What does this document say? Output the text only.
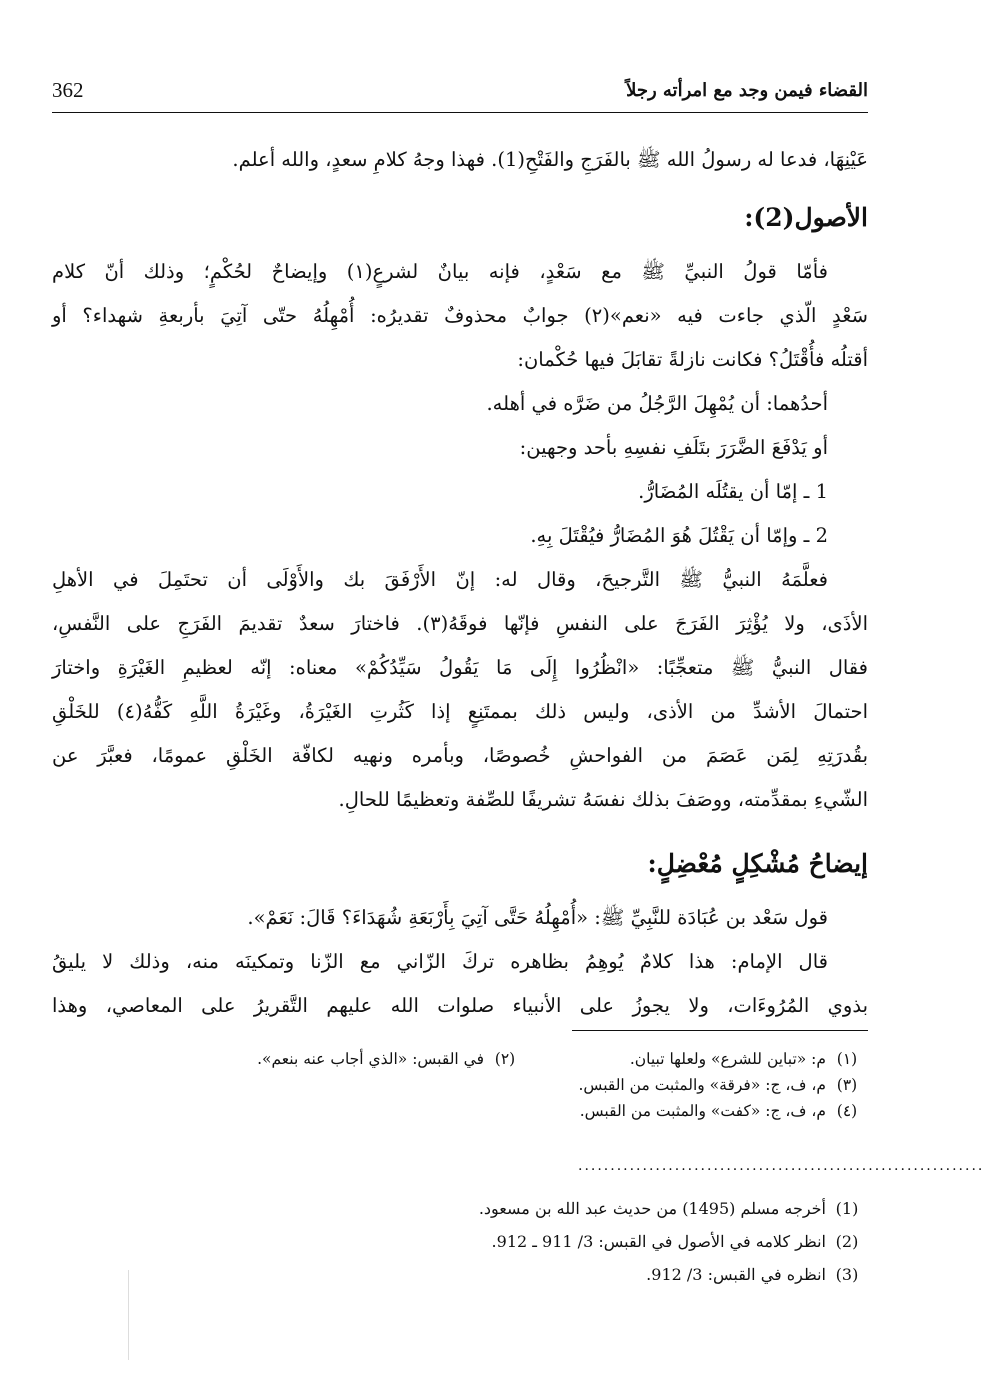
362	القضاء فيمن وجد مع امرأته رجلاً
عَيْنِهَا، فدعا له رسولُ الله ﷺ بالفَرَجِ والفَتْحِ(1). فهذا وجهُ كلامِ سعدٍ، والله أعلم.
الأصول(2):
فأمّا قولُ النبيِّ ﷺ مع سَعْدٍ، فإنه بيانٌ لشرعٍ(١) وإيضاحٌ لحُكْمٍ؛ وذلك أنّ كلام
سَعْدٍ الّذي جاءت فيه «نعم»(٢) جوابٌ محذوفٌ تقديرُه: أُمْهِلُهُ حتّى آتِيَ بأربعةِ شهداء؟ أو
أقتلُه فأُقْتَلُ؟ فكانت نازلةً تقابَلَ فيها حُكْمان:
أحدُهما: أن يُمْهِلَ الرَّجُلُ من ضَرَّه في أهله.
أو يَدْفَعَ الضَّرَرَ بتَلَفِ نفسِهِ بأحد وجهين:
1 ـ إمّا أن يقتُلَه المُضَارُّ.
2 ـ وإمّا أن يَقْتُلَ هُوَ المُضَارُّ فيُقْتَلَ بِهِ.
فعلَّمَهُ النبيُّ ﷺ التَّرجيحَ، وقال له: إنّ الأَرْفَقَ بك والأَوْلَى أن تحتَمِلَ في الأهلِ
الأذَى، ولا يُؤْثِرَ الفَرَجَ على النفسِ فإنّها فوقَهُ(٣). فاختارَ سعدٌ تقديمَ الفَرَجِ على النَّفسِ،
فقال النبيُّ ﷺ متعجِّبًا: «انْظُرُوا إِلَى مَا يَقُولُ سَيِّدُكُمْ» معناه: إنّه لعظيمِ الغَيْرَةِ واختارَ
احتمالَ الأشدِّ من الأذى، وليس ذلك بممتَنِعٍ إذا كَثُرتِ الغَيْرَةُ، وغَيْرَةُ اللَّهِ كَفُّهُ(٤) للخَلْقِ
بقُدرَتِهِ لِمَن عَصَمَ من الفواحشِ خُصوصًا، وبأمره ونهيه لكافّة الخَلْقِ عمومًا، فعبَّرَ عن
الشّيءِ بمقدِّمته، ووصَفَ بذلك نفسَهُ تشريفًا للصِّفة وتعظيمًا للحالِ.
إيضاحُ مُشْكِلٍ مُعْضِلٍ:
قول سَعْد بن عُبَادَة للنَّبِيِّ ﷺ: «أُمْهِلُهُ حَتَّى آتِيَ بِأَرْبَعَةِ شُهَدَاءَ؟ قَالَ: نَعَمْ».
قال الإمام: هذا كلامٌ يُوهِمُ بظاهره تركَ الزّاني مع الزّنا وتمكينَه منه، وذلك لا يليقُ
بذوي المُرُوءَات، ولا يجوزُ على الأنبياء صلوات الله عليهم التَّقريرُ على المعاصي، وهذا
(١)
م: «تباين للشرع» ولعلها تبيان.
(٢)
في القبس: «الذي أجاب عنه بنعم».
(٣)
م، ف، ج: «فرقة» والمثبت من القبس.
(٤)
م، ف، ج: «كفت» والمثبت من القبس.
...............................................................
(1)
أخرجه مسلم (1495) من حديث عبد الله بن مسعود.
(2)
انظر كلامه في الأصول في القبس: 3/ 911 ـ 912.
(3)
انظره في القبس: 3/ 912.
